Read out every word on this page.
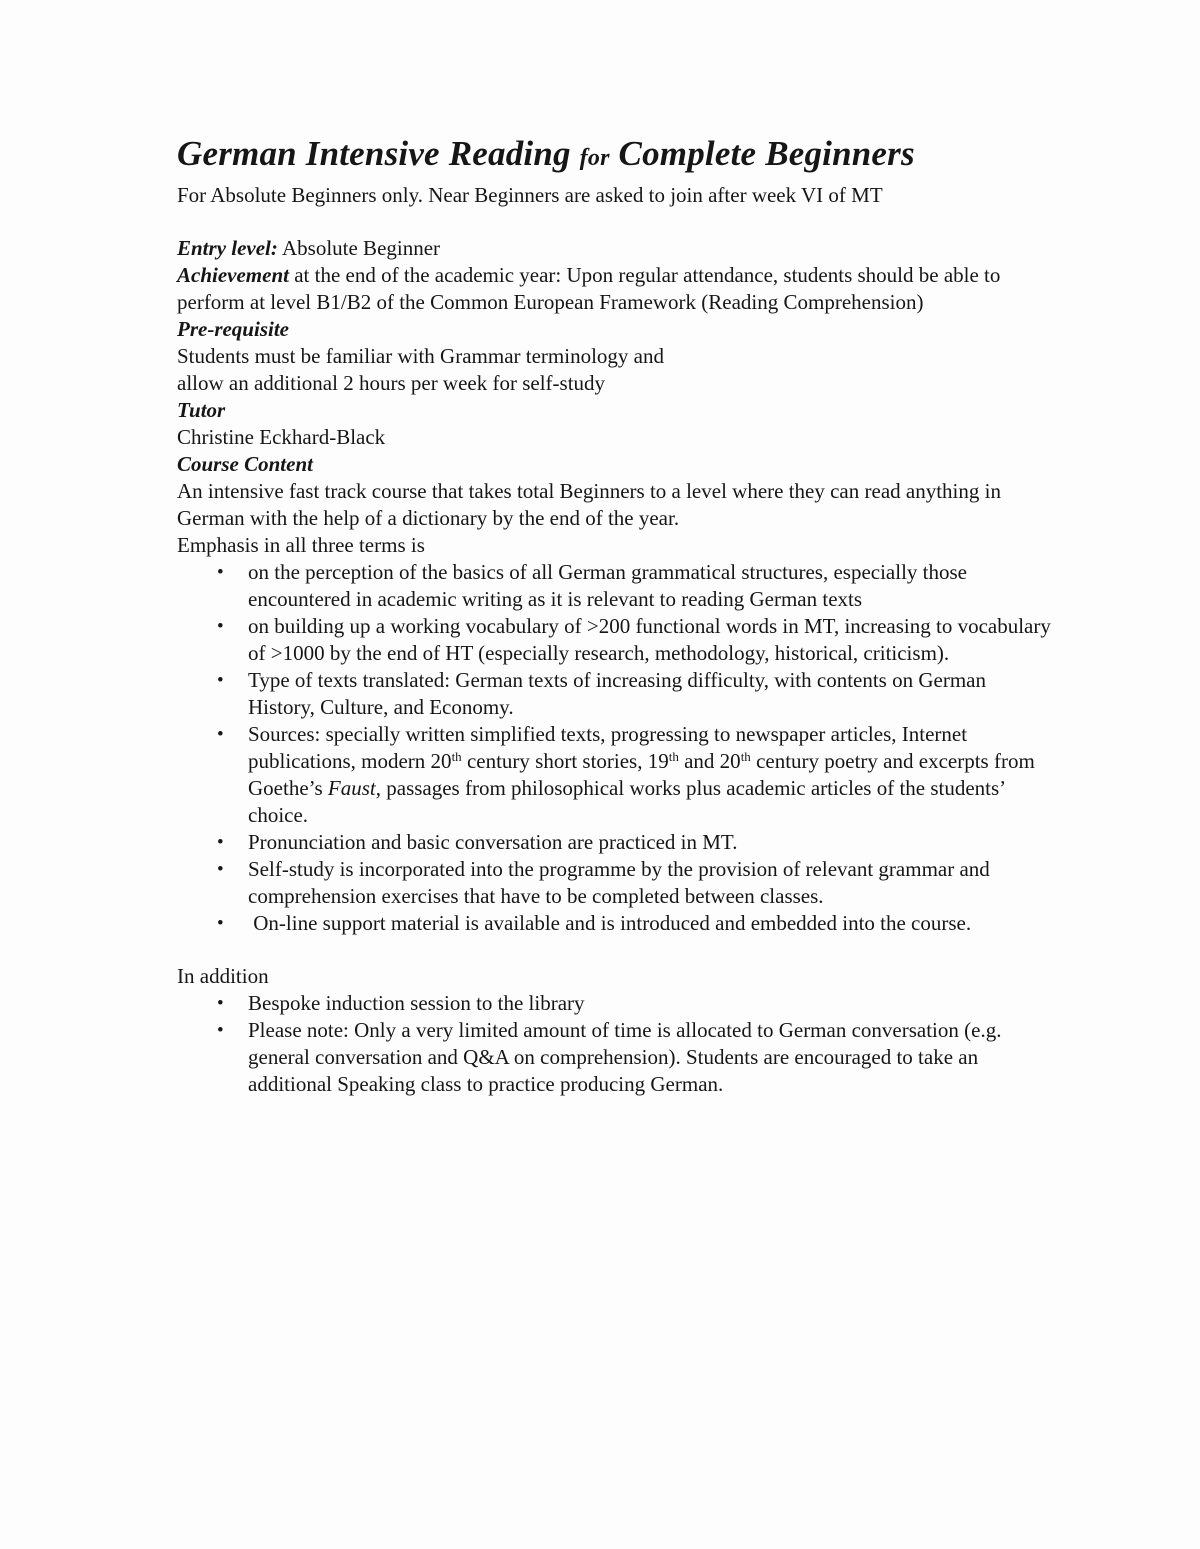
German Intensive Reading for Complete Beginners

For Absolute Beginners only. Near Beginners are asked to join after week VI of MT

Entry level: Absolute Beginner

Achievement at the end of the academic year: Upon regular attendance, students should be able to perform at level B1/B2 of the Common European Framework (Reading Comprehension)

Pre-requisite

Students must be familiar with Grammar terminology and

allow an additional 2 hours per week for self-study

Tutor

Christine Eckhard-Black

Course Content

An intensive fast track course that takes total Beginners to a level where they can read anything in German with the help of a dictionary by the end of the year.

Emphasis in all three terms is

•	on the perception of the basics of all German grammatical structures, especially those encountered in academic writing as it is relevant to reading German texts
•	on building up a working vocabulary of >200 functional words in MT, increasing to vocabulary of >1000 by the end of HT (especially research, methodology, historical, criticism).
•	Type of texts translated: German texts of increasing difficulty, with contents on German History, Culture, and Economy.
•	Sources: specially written simplified texts, progressing to newspaper articles, Internet publications, modern 20th century short stories, 19th and 20th century poetry and excerpts from Goethe’s Faust, passages from philosophical works plus academic articles of the students’ choice.
•	Pronunciation and basic conversation are practiced in MT.
•	Self-study is incorporated into the programme by the provision of relevant grammar and comprehension exercises that have to be completed between classes.
•	On-line support material is available and is introduced and embedded into the course.

In addition

•	Bespoke induction session to the library
•	Please note: Only a very limited amount of time is allocated to German conversation (e.g. general conversation and Q&A on comprehension). Students are encouraged to take an additional Speaking class to practice producing German.
